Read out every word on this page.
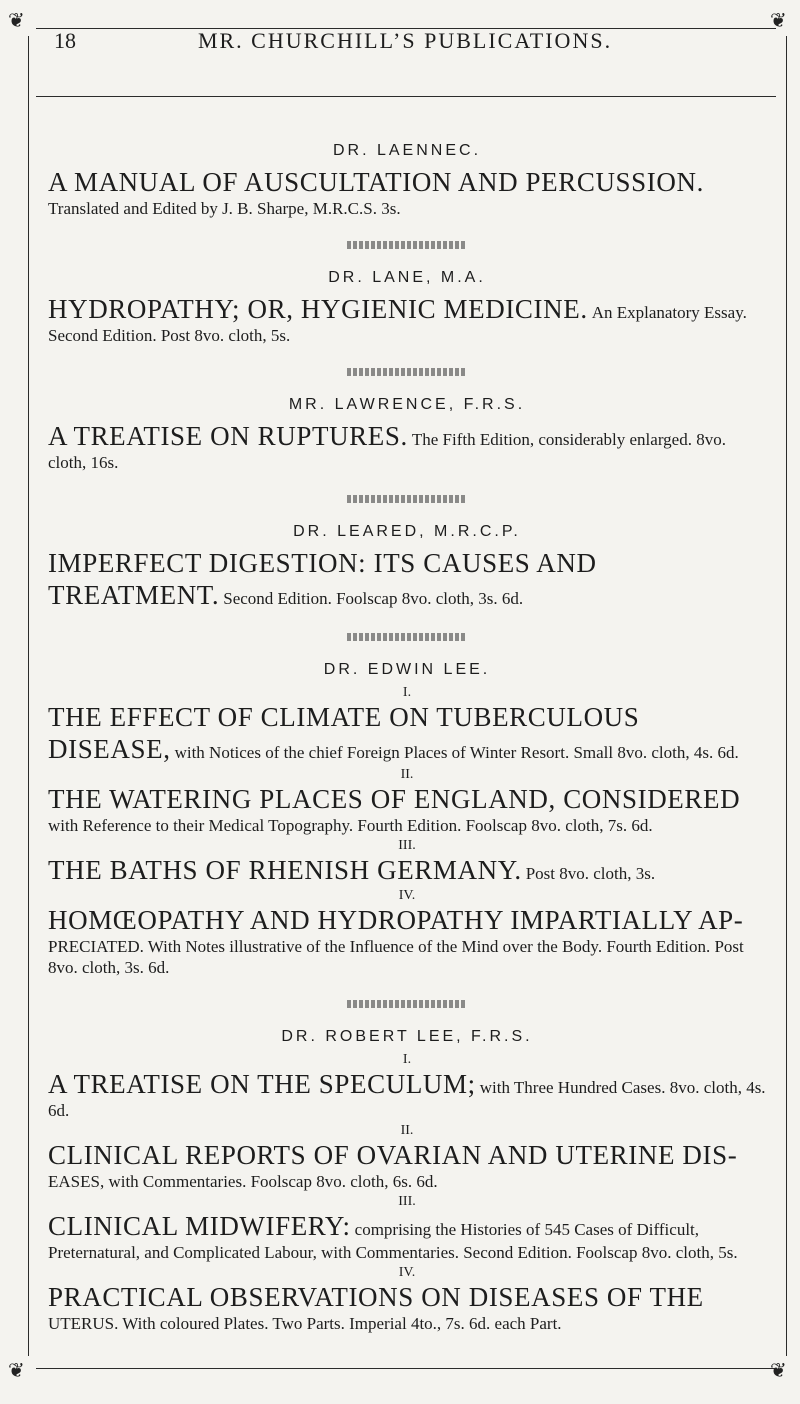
❦	❦
❦	❦
18	MR. CHURCHILL’S PUBLICATIONS.
DR. LAENNEC.
A MANUAL OF AUSCULTATION AND PERCUSSION. Translated and Edited by J. B. Sharpe, M.R.C.S. 3s.
DR. LANE, M.A.
HYDROPATHY; OR, HYGIENIC MEDICINE. An Explanatory Essay. Second Edition. Post 8vo. cloth, 5s.
MR. LAWRENCE, F.R.S.
A TREATISE ON RUPTURES. The Fifth Edition, considerably enlarged. 8vo. cloth, 16s.
DR. LEARED, M.R.C.P.
IMPERFECT DIGESTION: ITS CAUSES AND TREATMENT. Second Edition. Foolscap 8vo. cloth, 3s. 6d.
DR. EDWIN LEE.
I.
THE EFFECT OF CLIMATE ON TUBERCULOUS DISEASE, with Notices of the chief Foreign Places of Winter Resort. Small 8vo. cloth, 4s. 6d.
II.
THE WATERING PLACES OF ENGLAND, CONSIDERED with Reference to their Medical Topography. Fourth Edition. Foolscap 8vo. cloth, 7s. 6d.
III.
THE BATHS OF RHENISH GERMANY. Post 8vo. cloth, 3s.
IV.
HOMŒOPATHY AND HYDROPATHY IMPARTIALLY AP- PRECIATED. With Notes illustrative of the Influence of the Mind over the Body. Fourth Edition. Post 8vo. cloth, 3s. 6d.
DR. ROBERT LEE, F.R.S.
I.
A TREATISE ON THE SPECULUM; with Three Hundred Cases. 8vo. cloth, 4s. 6d.
II.
CLINICAL REPORTS OF OVARIAN AND UTERINE DIS- EASES, with Commentaries. Foolscap 8vo. cloth, 6s. 6d.
III.
CLINICAL MIDWIFERY: comprising the Histories of 545 Cases of Difficult, Preternatural, and Complicated Labour, with Commentaries. Second Edition. Foolscap 8vo. cloth, 5s.
IV.
PRACTICAL OBSERVATIONS ON DISEASES OF THE UTERUS. With coloured Plates. Two Parts. Imperial 4to., 7s. 6d. each Part.
